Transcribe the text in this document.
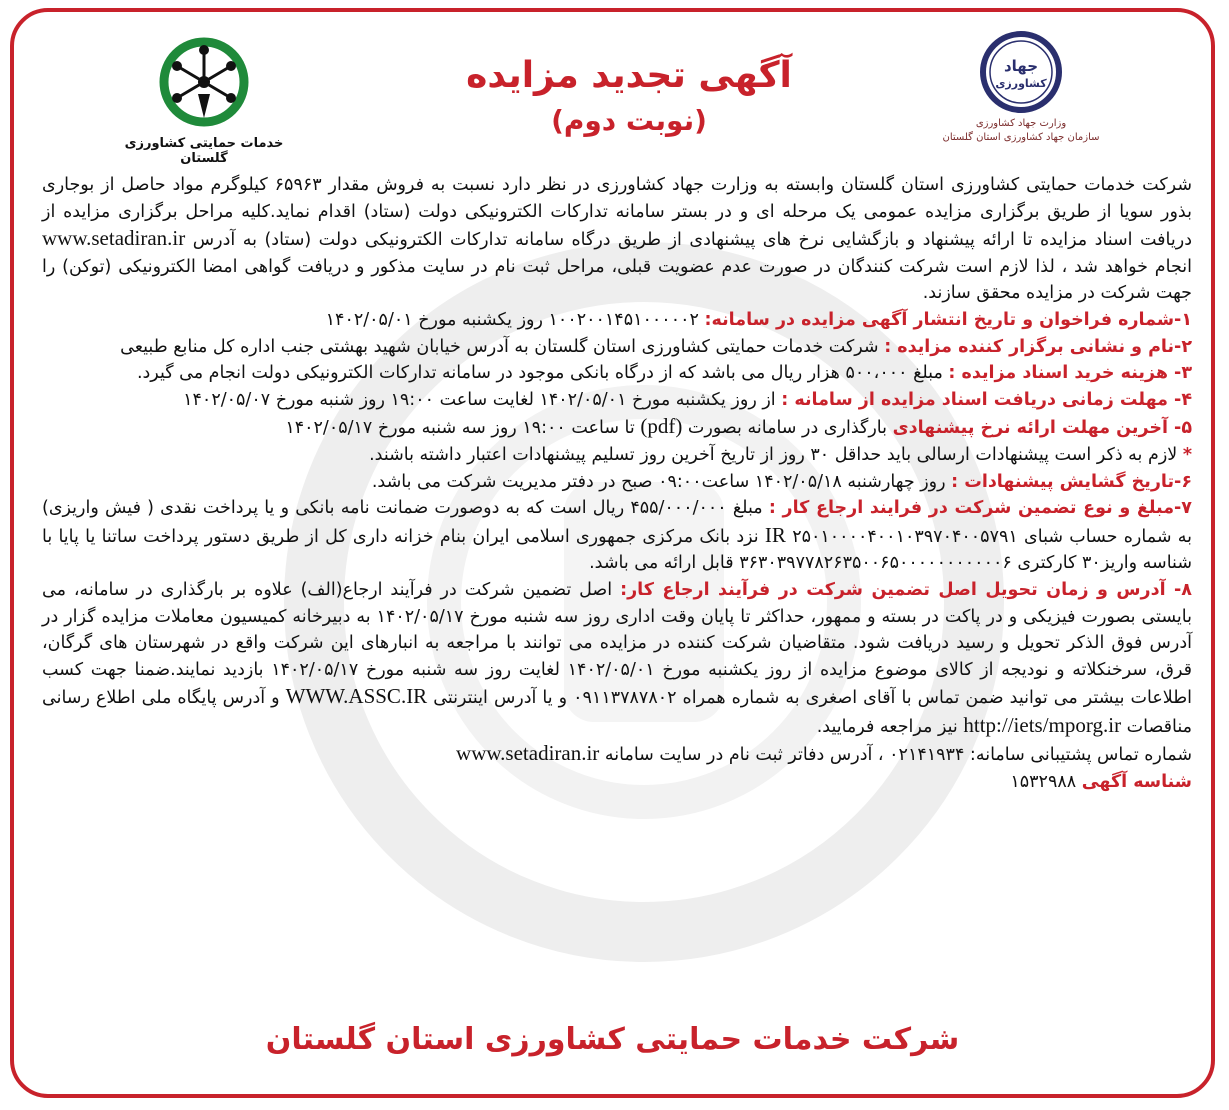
خدمات حمایتی کشاورزی گلستان
آگهی تجدید مزایده
(نوبت دوم)
جهاد
کشاورزی
وزارت جهاد کشاورزی
سازمان جهاد کشاورزی استان گلستان

شرکت خدمات حمایتی کشاورزی استان گلستان وابسته به وزارت جهاد کشاورزی در نظر دارد نسبت به فروش مقدار ۶۵۹۶۳ کیلوگرم مواد حاصل از بوجاری بذور سویا از طریق برگزاری مزایده عمومی یک مرحله ای و در بستر سامانه تدارکات الکترونیکی دولت (ستاد) اقدام نماید.کلیه مراحل برگزاری مزایده از دریافت اسناد مزایده تا ارائه پیشنهاد و بازگشایی نرخ های پیشنهادی از طریق درگاه سامانه تدارکات الکترونیکی دولت (ستاد) به آدرس www.setadiran.ir انجام خواهد شد ، لذا لازم است شرکت کنندگان در صورت عدم عضویت قبلی، مراحل ثبت نام در سایت مذکور و دریافت گواهی امضا الکترونیکی (توکن) را جهت شرکت در مزایده محقق سازند.

۱-شماره فراخوان و تاریخ انتشار آگهی مزایده در سامانه: ۱۰۰۲۰۰۱۴۵۱۰۰۰۰۰۲ روز یکشنبه مورخ ۱۴۰۲/۰۵/۰۱

۲-نام و نشانی برگزار کننده مزایده : شرکت خدمات حمایتی کشاورزی استان گلستان به آدرس خیابان شهید بهشتی جنب اداره کل منابع طبیعی

۳- هزینه خرید اسناد مزایده : مبلغ ۵۰۰،۰۰۰ هزار ریال می باشد که از درگاه بانکی موجود در سامانه تدارکات الکترونیکی دولت انجام می گیرد.

۴- مهلت زمانی دریافت اسناد مزایده از سامانه : از روز یکشنبه مورخ ۱۴۰۲/۰۵/۰۱ لغایت ساعت ۱۹:۰۰ روز شنبه مورخ ۱۴۰۲/۰۵/۰۷

۵- آخرین مهلت ارائه نرخ پیشنهادی بارگذاری در سامانه بصورت (pdf) تا ساعت ۱۹:۰۰ روز سه شنبه مورخ ۱۴۰۲/۰۵/۱۷

* لازم به ذکر است پیشنهادات ارسالی باید حداقل ۳۰ روز از تاریخ آخرین روز تسلیم پیشنهادات اعتبار داشته باشند.

۶-تاریخ گشایش پیشنهادات : روز چهارشنبه ۱۴۰۲/۰۵/۱۸ ساعت۰۹:۰۰ صبح در دفتر مدیریت شرکت می باشد.

۷-مبلغ و نوع تضمین شرکت در فرایند ارجاع کار : مبلغ ۴۵۵/۰۰۰/۰۰۰ ریال است که به دوصورت ضمانت نامه بانکی و یا پرداخت نقدی ( فیش واریزی) به شماره حساب شبای ۲۵۰۱۰۰۰۰۴۰۰۱۰۳۹۷۰۴۰۰۵۷۹۱ IR نزد بانک مرکزی جمهوری اسلامی ایران بنام خزانه داری کل از طریق دستور پرداخت ساتنا یا پایا با شناسه واریز۳۰ کارکتری ۳۶۳۰۳۹۷۷۸۲۶۳۵۰۰۶۵۰۰۰۰۰۰۰۰۰۰۰۶ قابل ارائه می باشد.

۸- آدرس و زمان تحویل اصل تضمین شرکت در فرآیند ارجاع کار: اصل تضمین شرکت در فرآیند ارجاع(الف) علاوه بر بارگذاری در سامانه، می بایستی بصورت فیزیکی و در پاکت در بسته و ممهور، حداکثر تا پایان وقت اداری روز سه شنبه مورخ ۱۴۰۲/۰۵/۱۷ به دبیرخانه کمیسیون معاملات مزایده گزار در آدرس فوق الذکر تحویل و رسید دریافت شود. متقاضیان شرکت کننده در مزایده می توانند با مراجعه به انبارهای این شرکت واقع در شهرستان های گرگان، قرق، سرخنکلاته و نودیجه از کالای موضوع مزایده از روز یکشنبه مورخ ۱۴۰۲/۰۵/۰۱ لغایت روز سه شنبه مورخ ۱۴۰۲/۰۵/۱۷ بازدید نمایند.ضمنا جهت کسب اطلاعات بیشتر می توانید ضمن تماس با آقای اصغری به شماره همراه ۰۹۱۱۳۷۸۷۸۰۲ و یا آدرس اینترنتی WWW.ASSC.IR و آدرس پایگاه ملی اطلاع رسانی مناقصات http://iets/mporg.ir نیز مراجعه فرمایید.

شماره تماس پشتیبانی سامانه: ۰۲۱۴۱۹۳۴ ، آدرس دفاتر ثبت نام در سایت سامانه www.setadiran.ir

شناسه آگهی ۱۵۳۲۹۸۸

شرکت خدمات حمایتی کشاورزی استان گلستان
